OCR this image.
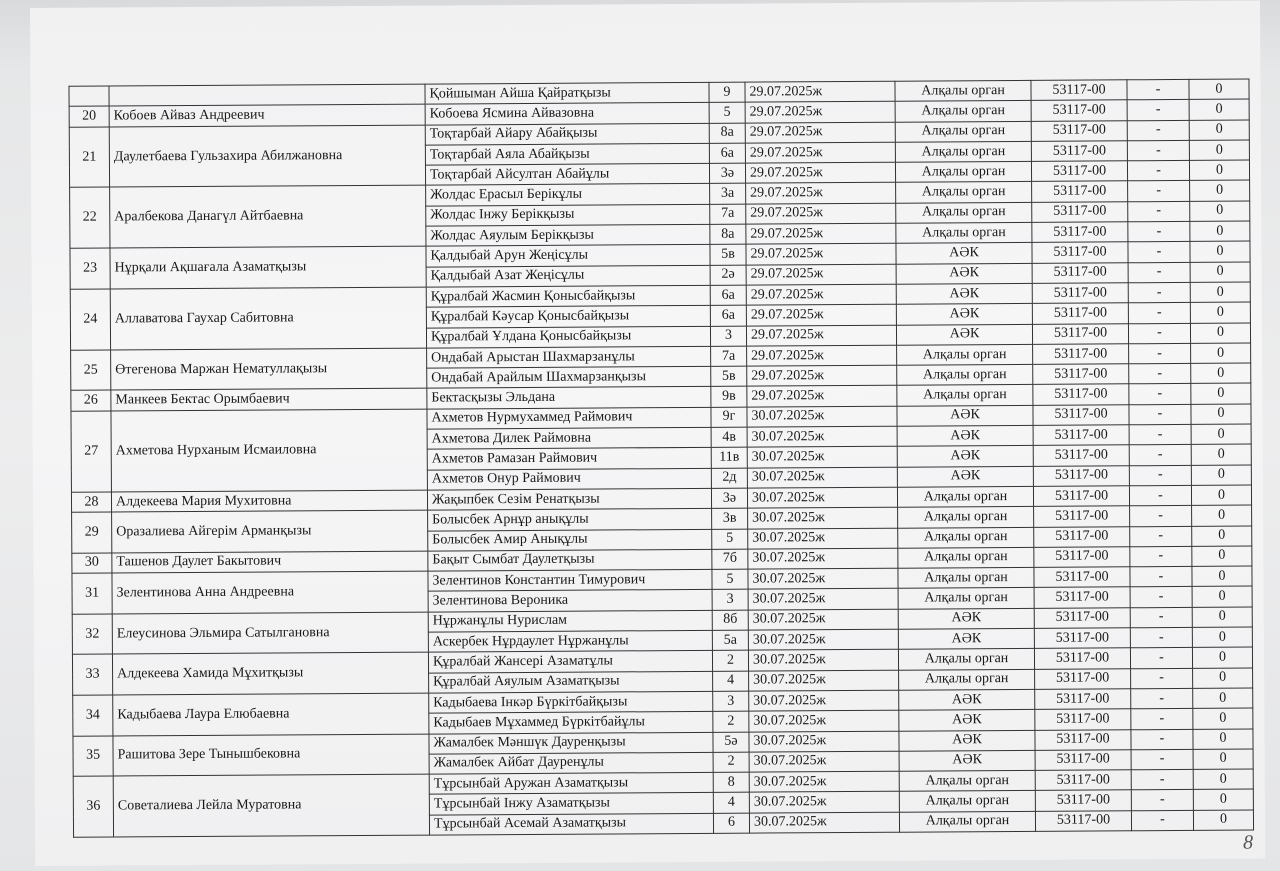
		Қойшыман Айша Қайратқызы	9	29.07.2025ж	Алқалы орган	53117-00	-	0
20	Кобоев Айваз Андреевич	Кобоева Ясмина Айвазовна	5	29.07.2025ж	Алқалы орган	53117-00	-	0
21	Даулетбаева Гульзахира Абилжановна	Тоқтарбай Айару Абайқызы	8а	29.07.2025ж	Алқалы орган	53117-00	-	0
		Тоқтарбай Аяла Абайқызы	6а	29.07.2025ж	Алқалы орган	53117-00	-	0
		Тоқтарбай Айсултан Абайұлы	3ә	29.07.2025ж	Алқалы орган	53117-00	-	0
22	Аралбекова Данагүл Айтбаевна	Жолдас Ерасыл Берікұлы	3а	29.07.2025ж	Алқалы орган	53117-00	-	0
		Жолдас Інжу Берікқызы	7а	29.07.2025ж	Алқалы орган	53117-00	-	0
		Жолдас Аяулым Берікқызы	8а	29.07.2025ж	Алқалы орган	53117-00	-	0
23	Нұрқали Ақшағала Азаматқызы	Қалдыбай Арун Жеңісұлы	5в	29.07.2025ж	АӘК	53117-00	-	0
		Қалдыбай Азат Жеңісұлы	2ә	29.07.2025ж	АӘК	53117-00	-	0
24	Аллаватова Гаухар Сабитовна	Құралбай Жасмин Қонысбайқызы	6а	29.07.2025ж	АӘК	53117-00	-	0
		Құралбай Кәусар Қонысбайқызы	6а	29.07.2025ж	АӘК	53117-00	-	0
		Құралбай Ұлдана Қонысбайқызы	3	29.07.2025ж	АӘК	53117-00	-	0
25	Өтегенова Маржан Нематуллақызы	Ондабай Арыстан Шахмарзанұлы	7а	29.07.2025ж	Алқалы орган	53117-00	-	0
		Ондабай Арайлым Шахмарзанқызы	5в	29.07.2025ж	Алқалы орган	53117-00	-	0
26	Манкеев Бектас Орымбаевич	Бектасқызы Эльдана	9в	29.07.2025ж	Алқалы орган	53117-00	-	0
27	Ахметова Нурханым Исмаиловна	Ахметов Нурмухаммед Раймович	9г	30.07.2025ж	АӘК	53117-00	-	0
		Ахметова Дилек Раймовна	4в	30.07.2025ж	АӘК	53117-00	-	0
		Ахметов Рамазан Раймович	11в	30.07.2025ж	АӘК	53117-00	-	0
		Ахметов Онур Раймович	2д	30.07.2025ж	АӘК	53117-00	-	0
28	Алдекеева Мария Мухитовна	Жақыпбек Сезім Ренатқызы	3ә	30.07.2025ж	Алқалы орган	53117-00	-	0
29	Оразалиева Айгерім Арманқызы	Болысбек Арнұр анықұлы	3в	30.07.2025ж	Алқалы орган	53117-00	-	0
		Болысбек Амир Анықұлы	5	30.07.2025ж	Алқалы орган	53117-00	-	0
30	Ташенов Даулет Бакытович	Бақыт Сымбат Даулетқызы	7б	30.07.2025ж	Алқалы орган	53117-00	-	0
31	Зелентинова Анна Андреевна	Зелентинов Константин Тимурович	5	30.07.2025ж	Алқалы орган	53117-00	-	0
		Зелентинова Вероника	3	30.07.2025ж	Алқалы орган	53117-00	-	0
32	Елеусинова Эльмира Сатылгановна	Нұржанұлы Нурислам	8б	30.07.2025ж	АӘК	53117-00	-	0
		Аскербек Нұрдаулет Нұржанұлы	5а	30.07.2025ж	АӘК	53117-00	-	0
33	Алдекеева Хамида Мұхитқызы	Құралбай Жансері Азаматұлы	2	30.07.2025ж	Алқалы орган	53117-00	-	0
		Құралбай Аяулым Азаматқызы	4	30.07.2025ж	Алқалы орган	53117-00	-	0
34	Кадыбаева Лаура Елюбаевна	Кадыбаева Інкәр Бүркітбайқызы	3	30.07.2025ж	АӘК	53117-00	-	0
		Кадыбаев Мұхаммед Бүркітбайұлы	2	30.07.2025ж	АӘК	53117-00	-	0
35	Рашитова Зере Тынышбековна	Жамалбек Мәншүк Дауренқызы	5ә	30.07.2025ж	АӘК	53117-00	-	0
		Жамалбек Айбат Дауренұлы	2	30.07.2025ж	АӘК	53117-00	-	0
36	Советалиева Лейла Муратовна	Тұрсынбай Аружан Азаматқызы	8	30.07.2025ж	Алқалы орган	53117-00	-	0
		Тұрсынбай Інжу Азаматқызы	4	30.07.2025ж	Алқалы орган	53117-00	-	0
		Тұрсынбай Асемай Азаматқызы	6	30.07.2025ж	Алқалы орган	53117-00	-	0
8
